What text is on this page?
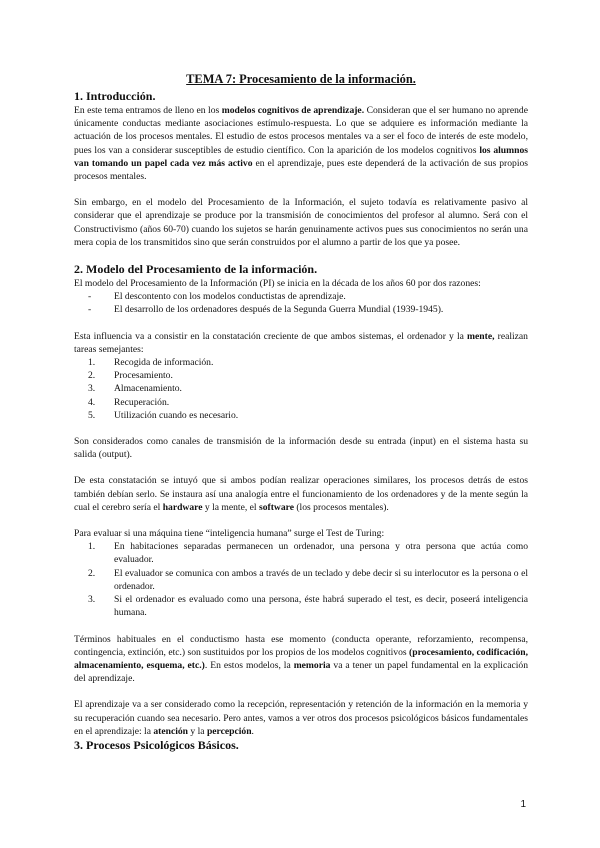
TEMA 7: Procesamiento de la información.
1. Introducción.

En este tema entramos de lleno en los modelos cognitivos de aprendizaje. Consideran que el ser humano no aprende únicamente conductas mediante asociaciones estímulo-respuesta. Lo que se adquiere es información mediante la actuación de los procesos mentales. El estudio de estos procesos mentales va a ser el foco de interés de este modelo, pues los van a considerar susceptibles de estudio científico. Con la aparición de los modelos cognitivos los alumnos van tomando un papel cada vez más activo en el aprendizaje, pues este dependerá de la activación de sus propios procesos mentales.

Sin embargo, en el modelo del Procesamiento de la Información, el sujeto todavía es relativamente pasivo al considerar que el aprendizaje se produce por la transmisión de conocimientos del profesor al alumno. Será con el Constructivismo (años 60-70) cuando los sujetos se harán genuinamente activos pues sus conocimientos no serán una mera copia de los transmitidos sino que serán construidos por el alumno a partir de los que ya posee.

2. Modelo del Procesamiento de la información.

El modelo del Procesamiento de la Información (PI) se inicia en la década de los años 60 por dos razones:

- El descontento con los modelos conductistas de aprendizaje.
- El desarrollo de los ordenadores después de la Segunda Guerra Mundial (1939-1945).

Esta influencia va a consistir en la constatación creciente de que ambos sistemas, el ordenador y la mente, realizan tareas semejantes:

1. Recogida de información.
2. Procesamiento.
3. Almacenamiento.
4. Recuperación.
5. Utilización cuando es necesario.

Son considerados como canales de transmisión de la información desde su entrada (input) en el sistema hasta su salida (output).

De esta constatación se intuyó que si ambos podían realizar operaciones similares, los procesos detrás de estos también debían serlo. Se instaura así una analogía entre el funcionamiento de los ordenadores y de la mente según la cual el cerebro sería el hardware y la mente, el software (los procesos mentales).

Para evaluar si una máquina tiene “inteligencia humana” surge el Test de Turing:

1. En habitaciones separadas permanecen un ordenador, una persona y otra persona que actúa como evaluador.
2. El evaluador se comunica con ambos a través de un teclado y debe decir si su interlocutor es la persona o el ordenador.
3. Si el ordenador es evaluado como una persona, éste habrá superado el test, es decir, poseerá inteligencia humana.

Términos habituales en el conductismo hasta ese momento (conducta operante, reforzamiento, recompensa, contingencia, extinción, etc.) son sustituidos por los propios de los modelos cognitivos (procesamiento, codificación, almacenamiento, esquema, etc.). En estos modelos, la memoria va a tener un papel fundamental en la explicación del aprendizaje.

El aprendizaje va a ser considerado como la recepción, representación y retención de la información en la memoria y su recuperación cuando sea necesario. Pero antes, vamos a ver otros dos procesos psicológicos básicos fundamentales en el aprendizaje: la atención y la percepción.

3. Procesos Psicológicos Básicos.
1
